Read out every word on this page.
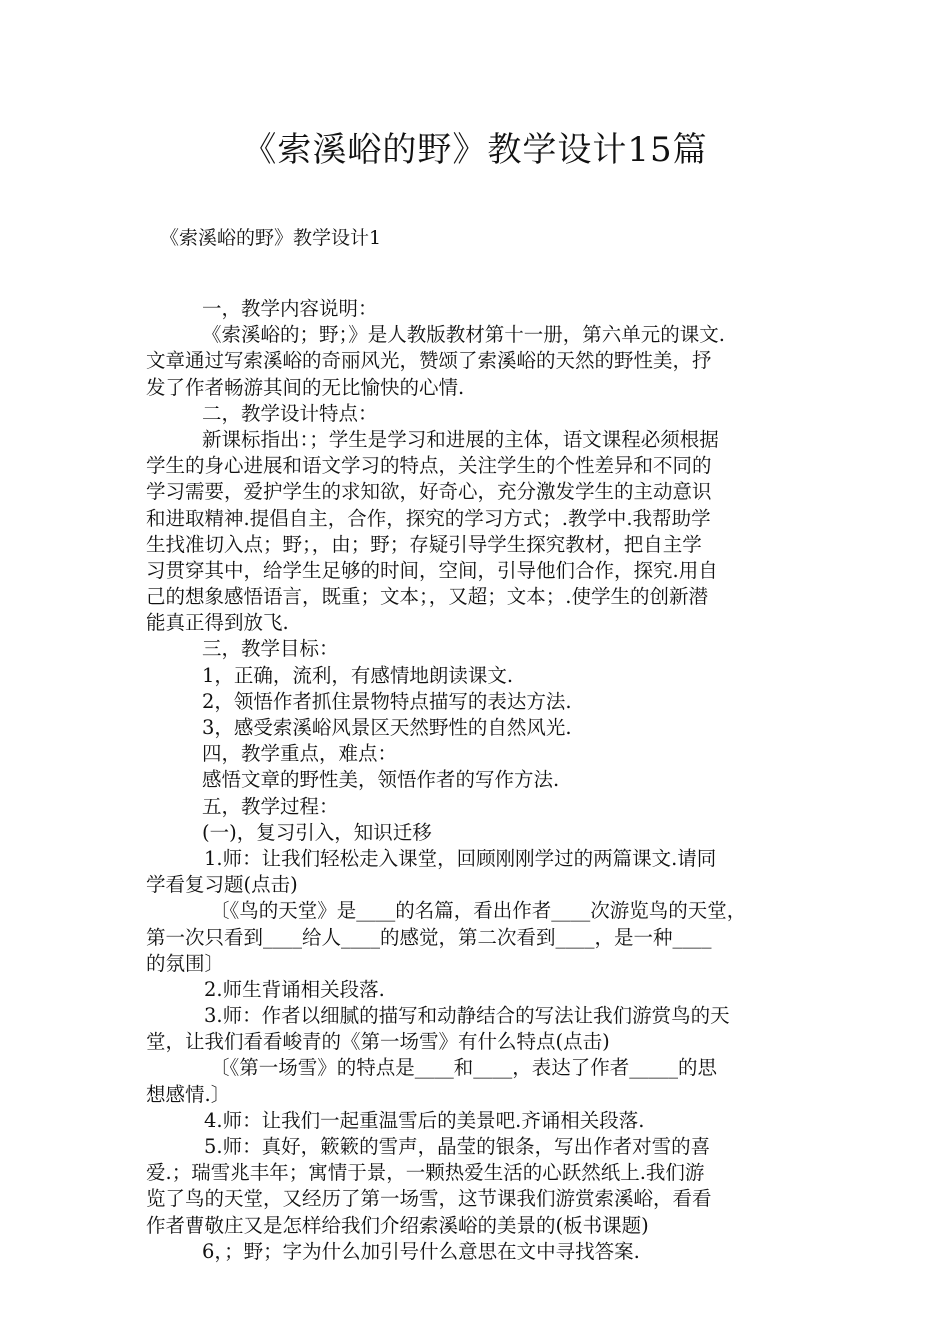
《索溪峪的野》教学设计15篇
《索溪峪的野》教学设计1
一，教学内容说明：
《索溪峪的；野；》是人教版教材第十一册，第六单元的课文.
文章通过写索溪峪的奇丽风光，赞颂了索溪峪的天然的野性美，抒
发了作者畅游其间的无比愉快的心情.
二，教学设计特点：
新课标指出：；学生是学习和进展的主体，语文课程必须根据
学生的身心进展和语文学习的特点，关注学生的个性差异和不同的
学习需要，爱护学生的求知欲，好奇心，充分激发学生的主动意识
和进取精神.提倡自主，合作，探究的学习方式；.教学中.我帮助学
生找准切入点；野；，由；野；存疑引导学生探究教材，把自主学
习贯穿其中，给学生足够的时间，空间，引导他们合作，探究.用自
己的想象感悟语言，既重；文本；，又超；文本；.使学生的创新潜
能真正得到放飞.
三，教学目标：
1，正确，流利，有感情地朗读课文.
2，领悟作者抓住景物特点描写的表达方法.
3，感受索溪峪风景区天然野性的自然风光.
四，教学重点，难点：
感悟文章的野性美，领悟作者的写作方法.
五，教学过程：
(一)，复习引入，知识迁移
1.师：让我们轻松走入课堂，回顾刚刚学过的两篇课文.请同
学看复习题(点击)
〔《鸟的天堂》是____的名篇，看出作者____次游览鸟的天堂，
第一次只看到____给人____的感觉，第二次看到____，是一种____
的氛围〕
2.师生背诵相关段落.
3.师：作者以细腻的描写和动静结合的写法让我们游赏鸟的天
堂，让我们看看峻青的《第一场雪》有什么特点(点击)
〔《第一场雪》的特点是____和____，表达了作者_____的思
想感情.〕
4.师：让我们一起重温雪后的美景吧.齐诵相关段落.
5.师：真好，簌簌的雪声，晶莹的银条，写出作者对雪的喜
爱.；瑞雪兆丰年；寓情于景，一颗热爱生活的心跃然纸上.我们游
览了鸟的天堂，又经历了第一场雪，这节课我们游赏索溪峪，看看
作者曹敬庄又是怎样给我们介绍索溪峪的美景的(板书课题)
6，；野；字为什么加引号什么意思在文中寻找答案.
